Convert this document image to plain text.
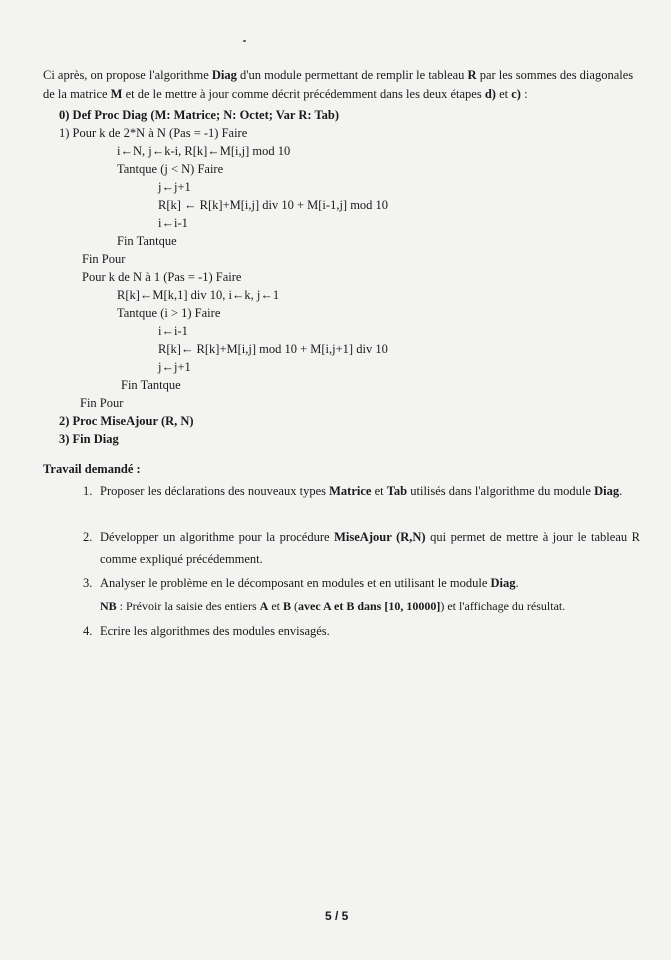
Ci après, on propose l'algorithme Diag d'un module permettant de remplir le tableau R par les sommes des diagonales de la matrice M et de le mettre à jour comme décrit précédemment dans les deux étapes d) et c) :
0) Def Proc Diag (M: Matrice; N: Octet; Var R: Tab)
1) Pour k de 2*N à N (Pas = -1) Faire
i←N, j←k-i, R[k]←M[i,j] mod 10
Tantque (j < N) Faire
j←j+1
R[k] ← R[k]+M[i,j] div 10 + M[i-1,j] mod 10
i←i-1
Fin Tantque
Fin Pour
Pour k de N à 1 (Pas = -1) Faire
R[k]←M[k,1] div 10, i←k, j←1
Tantque (i > 1) Faire
i←i-1
R[k]← R[k]+M[i,j] mod 10 + M[i,j+1] div 10
j←j+1
Fin Tantque
Fin Pour
2) Proc MiseAjour (R, N)
3) Fin Diag
Travail demandé :
1. Proposer les déclarations des nouveaux types Matrice et Tab utilisés dans l'algorithme du module Diag.
2. Développer un algorithme pour la procédure MiseAjour (R,N) qui permet de mettre à jour le tableau R comme expliqué précédemment.
3. Analyser le problème en le décomposant en modules et en utilisant le module Diag.
NB : Prévoir la saisie des entiers A et B (avec A et B dans [10, 10000]) et l'affichage du résultat.
4. Ecrire les algorithmes des modules envisagés.
5 / 5
